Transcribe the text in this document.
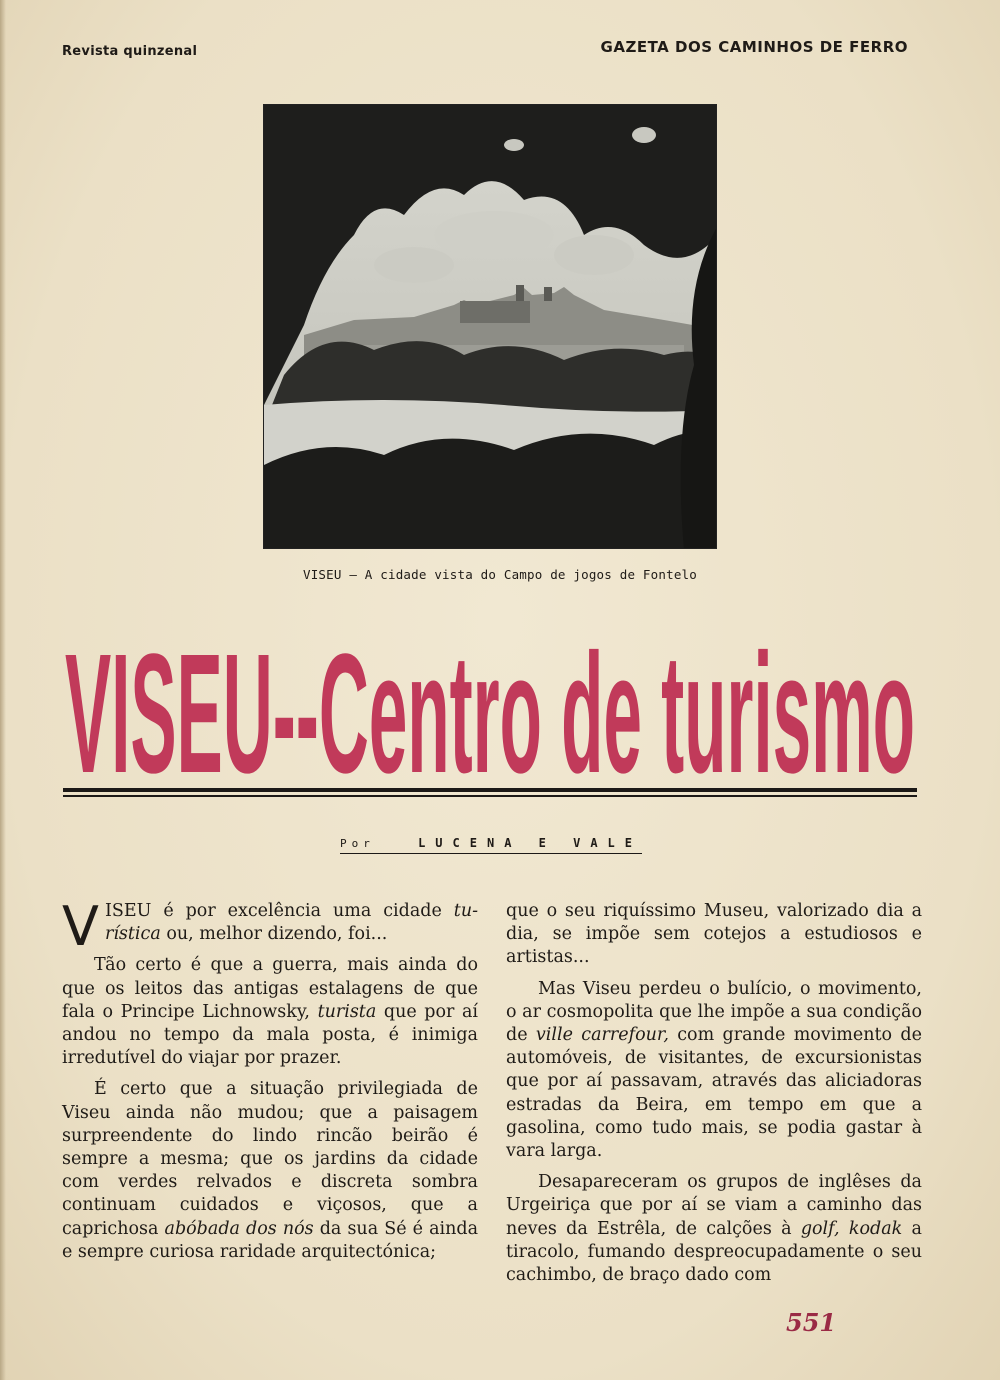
Revista quinzenal	GAZETA DOS CAMINHOS DE FERRO
VISEU — A cidade vista do Campo de jogos de Fontelo
VISEU--Centro de turismo
Por	LUCENA E VALE
V ISEU é por excelência uma cidade tu- rística ou, melhor dizendo, foi...

Tão certo é que a guerra, mais ainda do que os leitos das antigas estalagens de que fala o Principe Lichnowsky, turista que por aí andou no tempo da mala posta, é inimiga irredutível do viajar por prazer.

É certo que a situação privilegiada de Viseu ainda não mudou; que a paisagem surpreendente do lindo rincão beirão é sempre a mesma; que os jardins da cidade com verdes relvados e discreta sombra continuam cuidados e viçosos, que a caprichosa abóbada dos nós da sua Sé é ainda e sempre curiosa raridade arquitectónica;

que o seu riquíssimo Museu, valorizado dia a dia, se impõe sem cotejos a estudiosos e artistas...

Mas Viseu perdeu o bulício, o movimento, o ar cosmopolita que lhe impõe a sua condição de ville carrefour, com grande movimento de automóveis, de visitantes, de excursionistas que por aí passavam, através das aliciadoras estradas da Beira, em tempo em que a gasolina, como tudo mais, se podia gastar à vara larga.

Desapareceram os grupos de inglêses da Urgeiriça que por aí se viam a caminho das neves da Estrêla, de calções à golf, kodak a tiracolo, fumando despreocupadamente o seu cachimbo, de braço dado com

551
